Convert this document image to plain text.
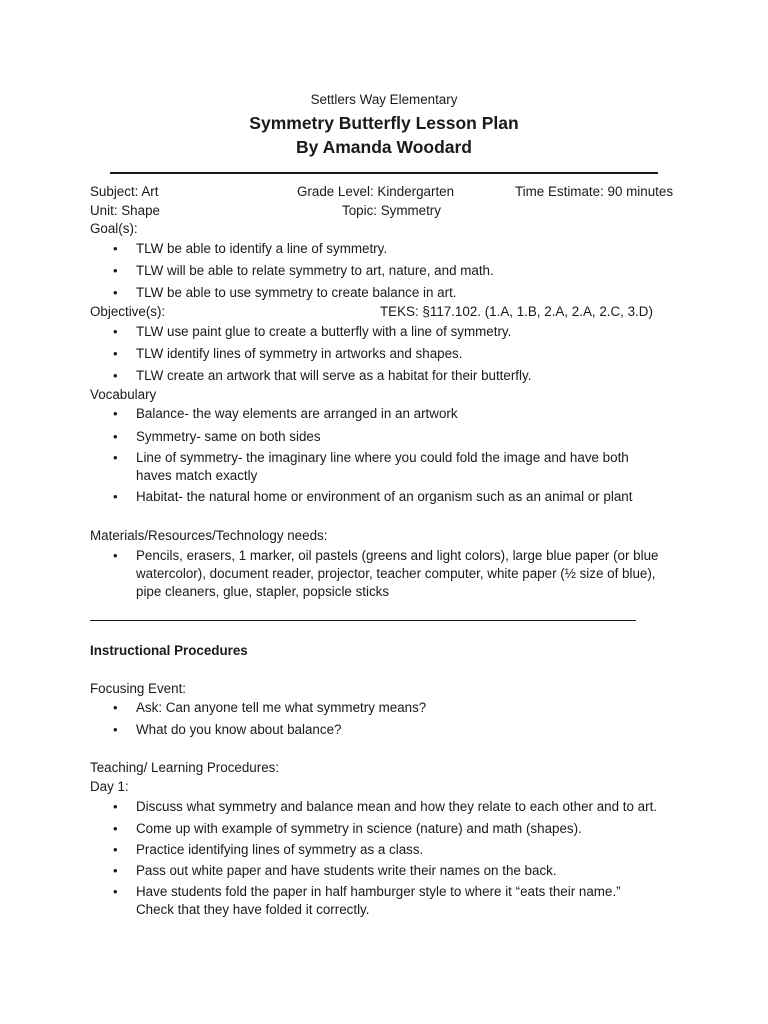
Settlers Way Elementary
Symmetry Butterfly Lesson Plan
By Amanda Woodard
Subject: Art	Grade Level: Kindergarten	Time Estimate: 90 minutes
Unit: Shape	Topic: Symmetry
Goal(s):
•	TLW be able to identify a line of symmetry.
•	TLW will be able to relate symmetry to art, nature, and math.
•	TLW be able to use symmetry to create balance in art.
Objective(s):	TEKS: §117.102. (1.A, 1.B, 2.A, 2.A, 2.C, 3.D)
•	TLW use paint glue to create a butterfly with a line of symmetry.
•	TLW identify lines of symmetry in artworks and shapes.
•	TLW create an artwork that will serve as a habitat for their butterfly.
Vocabulary
•	Balance- the way elements are arranged in an artwork
•	Symmetry- same on both sides
•	Line of symmetry- the imaginary line where you could fold the image and have both haves match exactly
•	Habitat- the natural home or environment of an organism such as an animal or plant
Materials/Resources/Technology needs:
•	Pencils, erasers, 1 marker, oil pastels (greens and light colors), large blue paper (or blue watercolor), document reader, projector, teacher computer, white paper (½ size of blue), pipe cleaners, glue, stapler, popsicle sticks
Instructional Procedures
Focusing Event:
•	Ask: Can anyone tell me what symmetry means?
•	What do you know about balance?
Teaching/ Learning Procedures:
Day 1:
•	Discuss what symmetry and balance mean and how they relate to each other and to art.
•	Come up with example of symmetry in science (nature) and math (shapes).
•	Practice identifying lines of symmetry as a class.
•	Pass out white paper and have students write their names on the back.
•	Have students fold the paper in half hamburger style to where it “eats their name.” Check that they have folded it correctly.
